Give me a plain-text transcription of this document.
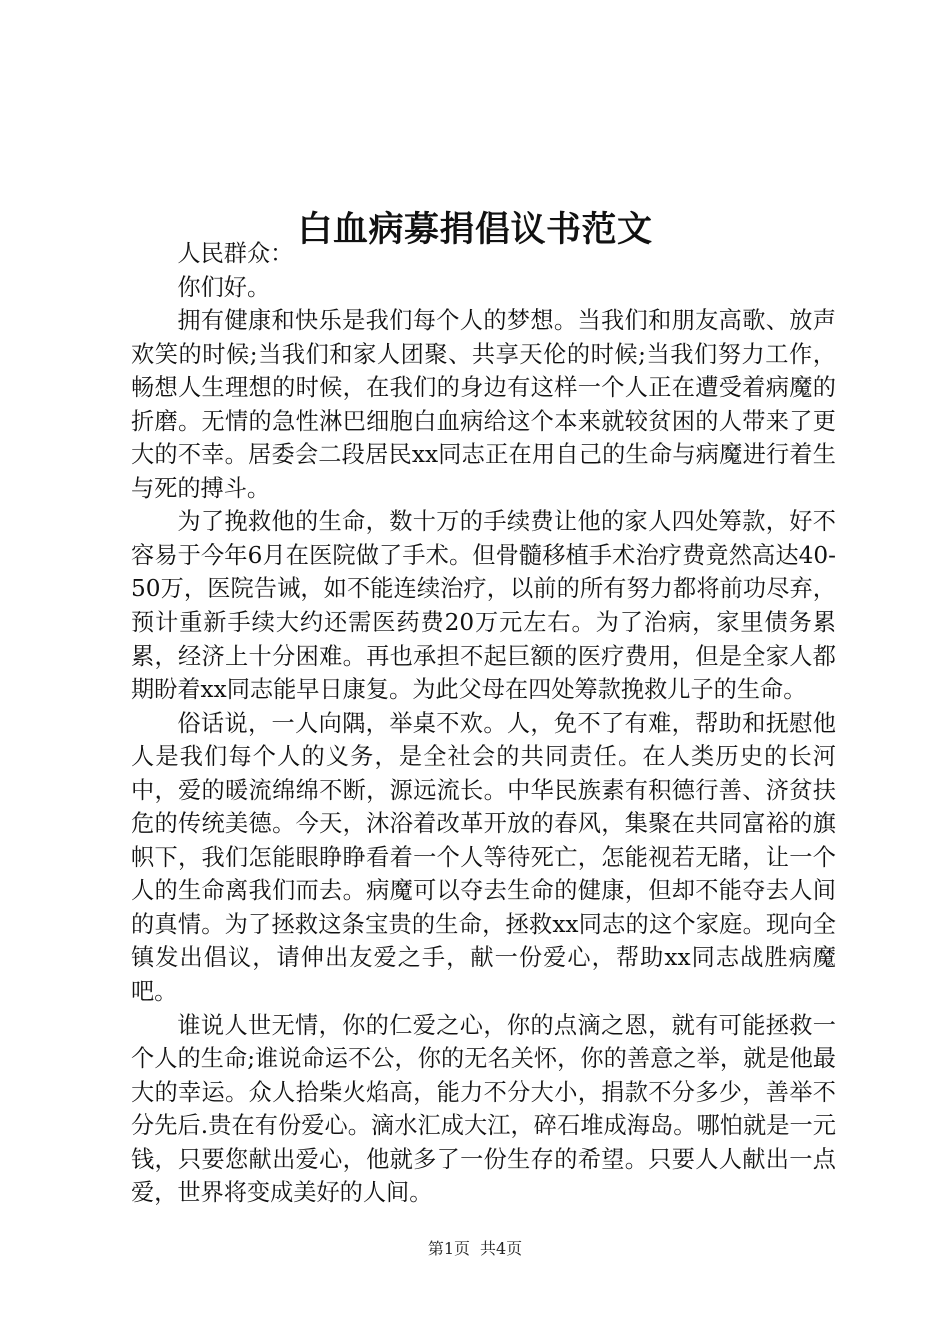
白血病募捐倡议书范文

人民群众：

你们好。

拥有健康和快乐是我们每个人的梦想。当我们和朋友高歌、放声欢笑的时候;当我们和家人团聚、共享天伦的时候;当我们努力工作，畅想人生理想的时候，在我们的身边有这样一个人正在遭受着病魔的折磨。无情的急性淋巴细胞白血病给这个本来就较贫困的人带来了更大的不幸。居委会二段居民xx同志正在用自己的生命与病魔进行着生与死的搏斗。

为了挽救他的生命，数十万的手续费让他的家人四处筹款，好不容易于今年6月在医院做了手术。但骨髓移植手术治疗费竟然高达40-50万，医院告诫，如不能连续治疗，以前的所有努力都将前功尽弃，预计重新手续大约还需医药费20万元左右。为了治病，家里债务累累，经济上十分困难。再也承担不起巨额的医疗费用，但是全家人都期盼着xx同志能早日康复。为此父母在四处筹款挽救儿子的生命。

俗话说，一人向隅，举桌不欢。人，免不了有难，帮助和抚慰他人是我们每个人的义务，是全社会的共同责任。在人类历史的长河中，爱的暖流绵绵不断，源远流长。中华民族素有积德行善、济贫扶危的传统美德。今天，沐浴着改革开放的春风，集聚在共同富裕的旗帜下，我们怎能眼睁睁看着一个人等待死亡，怎能视若无睹，让一个人的生命离我们而去。病魔可以夺去生命的健康，但却不能夺去人间的真情。为了拯救这条宝贵的生命，拯救xx同志的这个家庭。现向全镇发出倡议，请伸出友爱之手，献一份爱心，帮助xx同志战胜病魔吧。

谁说人世无情，你的仁爱之心，你的点滴之恩，就有可能拯救一个人的生命;谁说命运不公，你的无名关怀，你的善意之举，就是他最大的幸运。众人拾柴火焰高，能力不分大小，捐款不分多少，善举不分先后.贵在有份爱心。滴水汇成大江，碎石堆成海岛。哪怕就是一元钱，只要您献出爱心，他就多了一份生存的希望。只要人人献出一点爱，世界将变成美好的人间。

第1页 共4页
